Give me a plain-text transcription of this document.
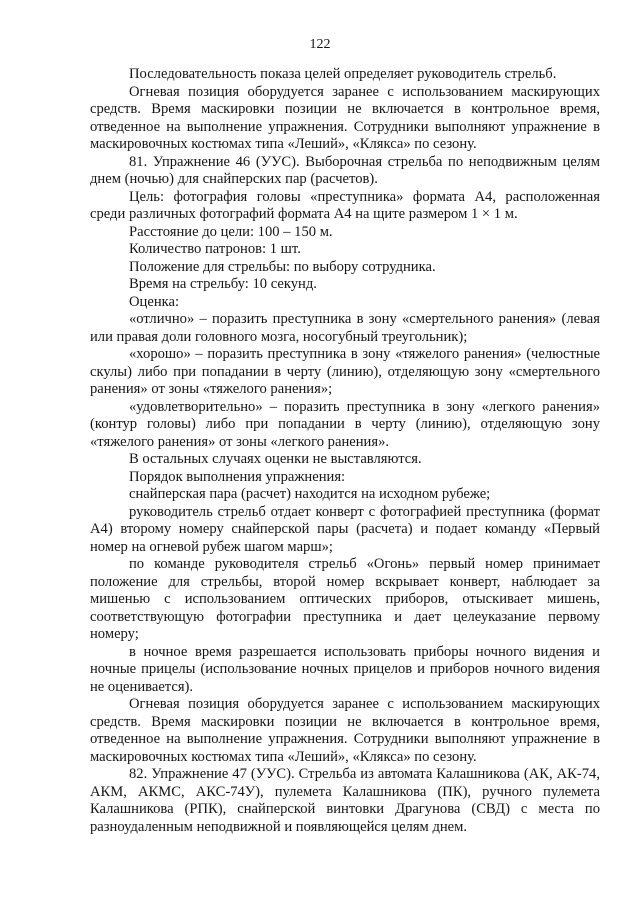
122

Последовательность показа целей определяет руководитель стрельб.

Огневая позиция оборудуется заранее с использованием маскирующих средств. Время маскировки позиции не включается в контрольное время, отведенное на выполнение упражнения. Сотрудники выполняют упражнение в маскировочных костюмах типа «Леший», «Клякса» по сезону.

81. Упражнение 46 (УУС). Выборочная стрельба по неподвижным целям днем (ночью) для снайперских пар (расчетов).

Цель: фотография головы «преступника» формата А4, расположенная среди различных фотографий формата А4 на щите размером 1 × 1 м.

Расстояние до цели: 100 – 150 м.

Количество патронов: 1 шт.

Положение для стрельбы: по выбору сотрудника.

Время на стрельбу: 10 секунд.

Оценка:

«отлично» – поразить преступника в зону «смертельного ранения» (левая или правая доли головного мозга, носогубный треугольник);

«хорошо» – поразить преступника в зону «тяжелого ранения» (челюстные скулы) либо при попадании в черту (линию), отделяющую зону «смертельного ранения» от зоны «тяжелого ранения»;

«удовлетворительно» – поразить преступника в зону «легкого ранения» (контур головы) либо при попадании в черту (линию), отделяющую зону «тяжелого ранения» от зоны «легкого ранения».

В остальных случаях оценки не выставляются.

Порядок выполнения упражнения:

снайперская пара (расчет) находится на исходном рубеже;

руководитель стрельб отдает конверт с фотографией преступника (формат А4) второму номеру снайперской пары (расчета) и подает команду «Первый номер на огневой рубеж шагом марш»;

по команде руководителя стрельб «Огонь» первый номер принимает положение для стрельбы, второй номер вскрывает конверт, наблюдает за мишенью с использованием оптических приборов, отыскивает мишень, соответствующую фотографии преступника и дает целеуказание первому номеру;

в ночное время разрешается использовать приборы ночного видения и ночные прицелы (использование ночных прицелов и приборов ночного видения не оценивается).

Огневая позиция оборудуется заранее с использованием маскирующих средств. Время маскировки позиции не включается в контрольное время, отведенное на выполнение упражнения. Сотрудники выполняют упражнение в маскировочных костюмах типа «Леший», «Клякса» по сезону.

82. Упражнение 47 (УУС). Стрельба из автомата Калашникова (АК, АК-74, АКМ, АКМС, АКС-74У), пулемета Калашникова (ПК), ручного пулемета Калашникова (РПК), снайперской винтовки Драгунова (СВД) с места по разноудаленным неподвижной и появляющейся целям днем.
